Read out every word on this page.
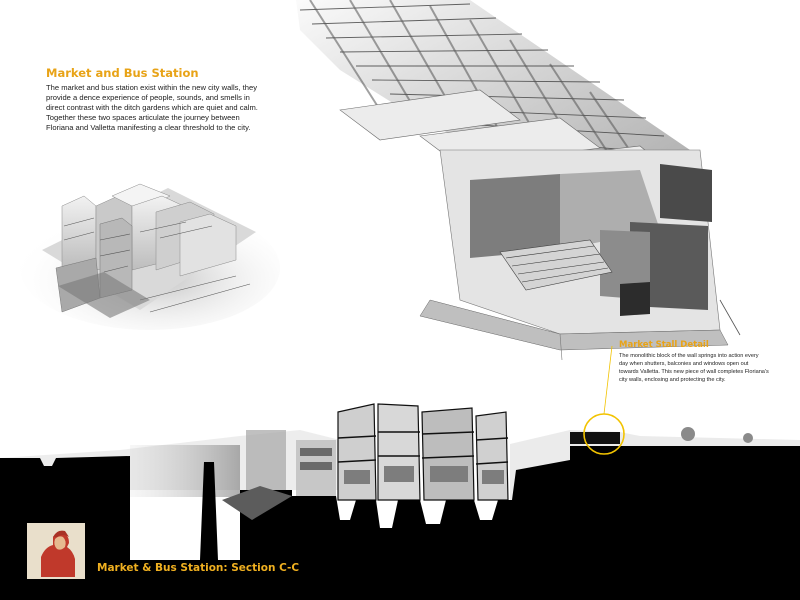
Market and Bus Station
The market and bus station exist within the new city walls, they provide a dence experience of people, sounds, and smells in direct contrast with the ditch gardens which are quiet and calm. Together these two spaces articulate the journey between Floriana and Valletta manifesting a clear threshold to the city.
Market Stall Detail
The monolithic block of the wall springs into action every day when shutters, balconies and windows open out towards Valletta. This new piece of wall completes Floriana's city walls, enclosing and protecting the city.
Market & Bus Station: Section C-C
